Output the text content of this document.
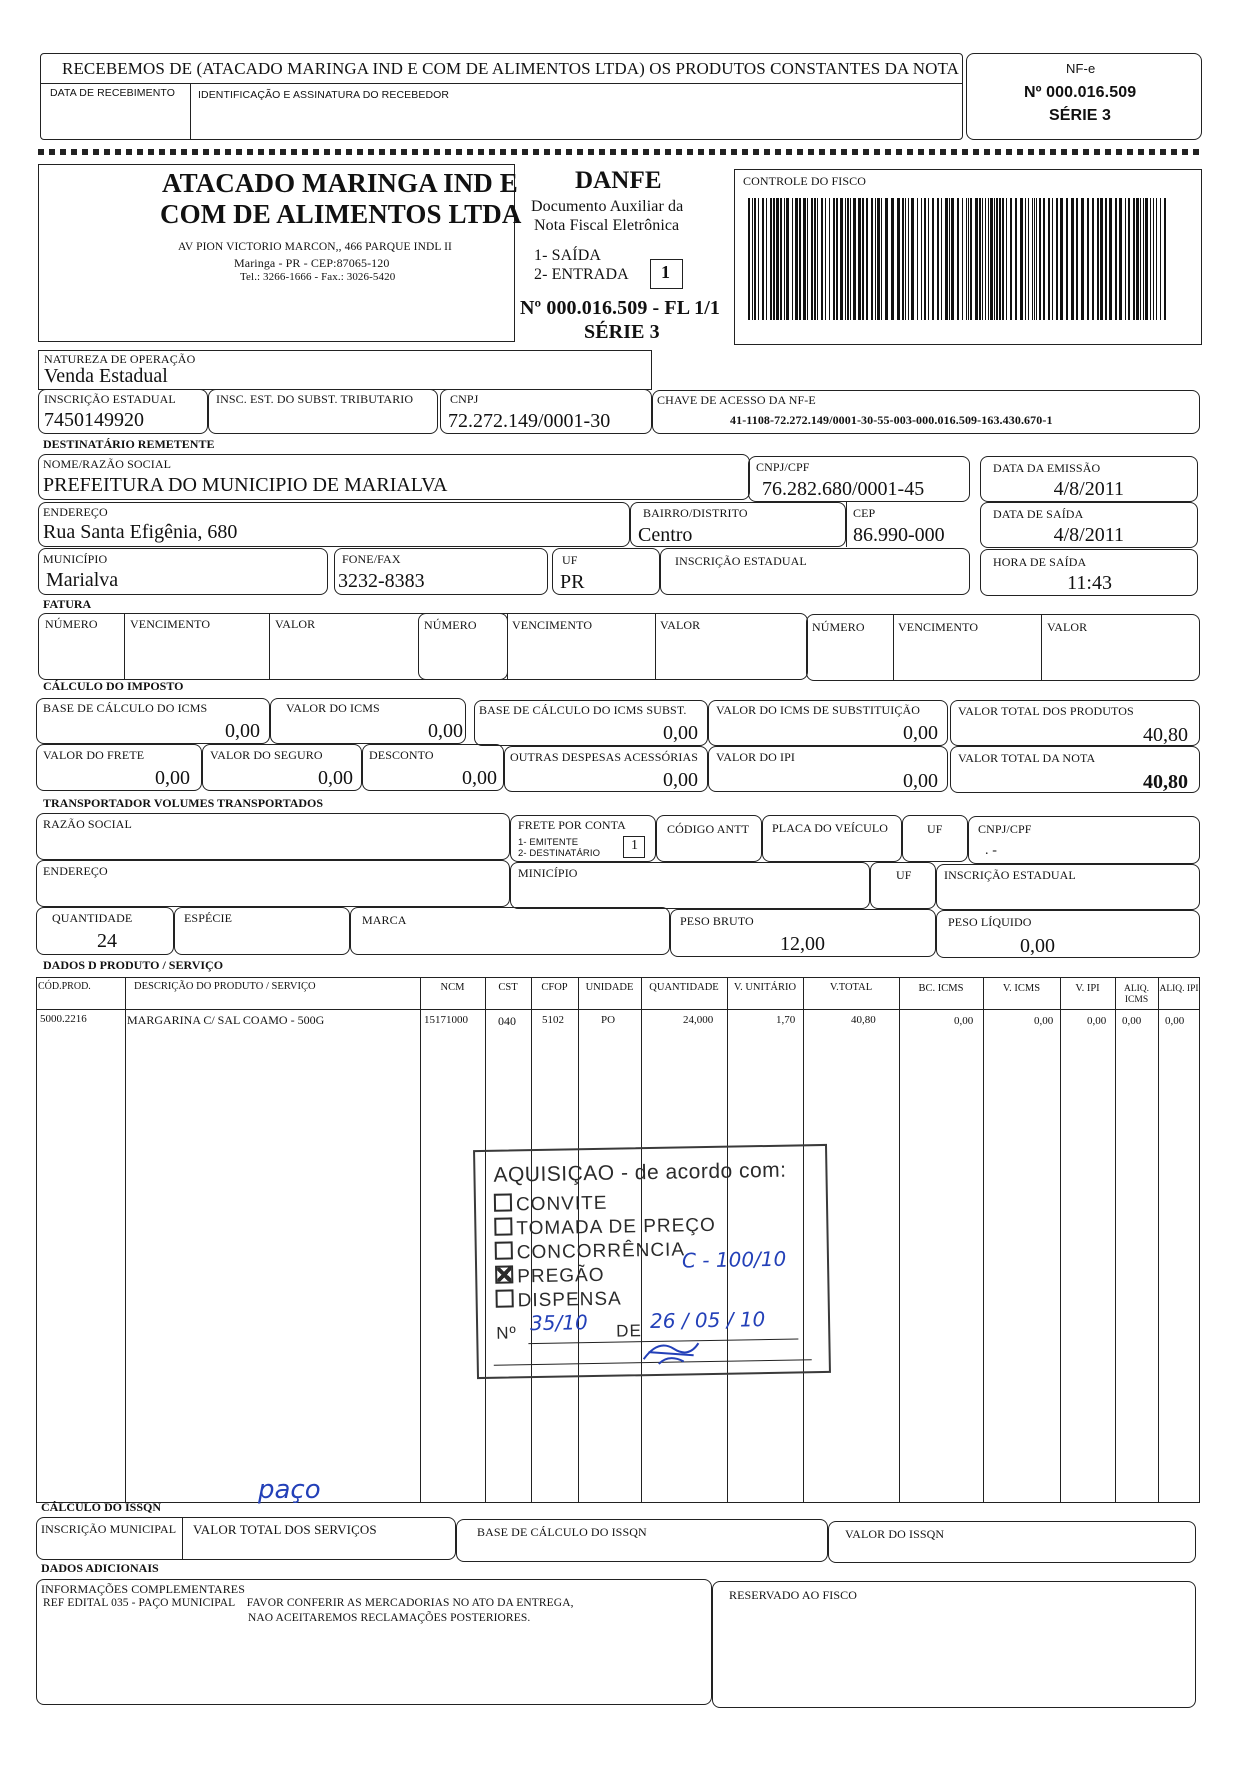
RECEBEMOS DE (ATACADO MARINGA IND E COM DE ALIMENTOS LTDA) OS PRODUTOS CONSTANTES DA NOTA
DATA DE RECEBIMENTO IDENTIFICAÇÃO E ASSINATURA DO RECEBEDOR
NF-e
Nº 000.016.509
SÉRIE 3
ATACADO MARINGA IND E
COM DE ALIMENTOS LTDA
AV PION VICTORIO MARCON,, 466 PARQUE INDL II
Maringa - PR - CEP:87065-120
Tel.: 3266-1666 - Fax.: 3026-5420
DANFE
Documento Auxiliar da
Nota Fiscal Eletrônica
1- SAÍDA
2- ENTRADA 1
Nº 000.016.509 - FL 1/1
SÉRIE 3
CONTROLE DO FISCO
NATUREZA DE OPERAÇÃO
Venda Estadual
INSCRIÇÃO ESTADUAL
7450149920
INSC. EST. DO SUBST. TRIBUTARIO	CNPJ
72.272.149/0001-30
CHAVE DE ACESSO DA NF-E
41-1108-72.272.149/0001-30-55-003-000.016.509-163.430.670-1
DESTINATÁRIO REMETENTE
NOME/RAZÃO SOCIAL
PREFEITURA DO MUNICIPIO DE MARIALVA
CNPJ/CPF
76.282.680/0001-45
DATA DA EMISSÃO
4/8/2011
ENDEREÇO
Rua Santa Efigênia, 680
BAIRRO/DISTRITO
Centro
CEP
86.990-000
DATA DE SAÍDA
4/8/2011
MUNICÍPIO
Marialva
FONE/FAX
3232-8383
UF
PR
INSCRIÇÃO ESTADUAL	HORA DE SAÍDA
11:43
FATURA
NÚMERO	VENCIMENTO	VALOR	NÚMERO	VENCIMENTO	VALOR	NÚMERO	VENCIMENTO	VALOR
CÁLCULO DO IMPOSTO
BASE DE CÁLCULO DO ICMS
0,00
VALOR DO ICMS
0,00
BASE DE CÁLCULO DO ICMS SUBST.
0,00
VALOR DO ICMS DE SUBSTITUIÇÃO
0,00
VALOR TOTAL DOS PRODUTOS
40,80
VALOR DO FRETE
0,00
VALOR DO SEGURO
0,00
DESCONTO
0,00
OUTRAS DESPESAS ACESSÓRIAS
0,00
VALOR DO IPI
0,00
VALOR TOTAL DA NOTA
40,80
TRANSPORTADOR VOLUMES TRANSPORTADOS
RAZÃO SOCIAL	FRETE POR CONTA
1- EMITENTE
2- DESTINATÁRIO
1
CÓDIGO ANTT PLACA DO VEÍCULO	UF	CNPJ/CPF
. -
ENDEREÇO	MINICÍPIO	UF	INSCRIÇÃO ESTADUAL
QUANTIDADE
24
ESPÉCIE	MARCA	PESO BRUTO
12,00
PESO LÍQUIDO
0,00
DADOS D PRODUTO / SERVIÇO
CÓD.PROD.	DESCRIÇÃO DO PRODUTO / SERVIÇO	NCM	CST	CFOP	UNIDADE	QUANTIDADE	V. UNITÁRIO	V.TOTAL	BC. ICMS	V. ICMS	V. IPI	ALIQ. ICMS
ALIQ. IPI
5000.2216	MARGARINA C/ SAL COAMO - 500G	15171000	040 5102	PO	24,000	1,70	40,80	0,00	0,00	0,00 0,00 0,00
AQUISIÇAO - de acordo com:
CONVITE
TOMADA DE PREÇO
CONCORRÊNCIA
PREGÃO
DISPENSA
Nº	DE
C - 100/10
35/10	26 / 05 / 10
paço
CÁLCULO DO ISSQN
INSCRIÇÃO MUNICIPAL VALOR TOTAL DOS SERVIÇOS	BASE DE CÁLCULO DO ISSQN	VALOR DO ISSQN
DADOS ADICIONAIS
INFORMAÇÕES COMPLEMENTARES
REF EDITAL 035 - PAÇO MUNICIPAL    FAVOR CONFERIR AS MERCADORIAS NO ATO DA ENTREGA,
NAO ACEITAREMOS RECLAMAÇÕES POSTERIORES.
RESERVADO AO FISCO
